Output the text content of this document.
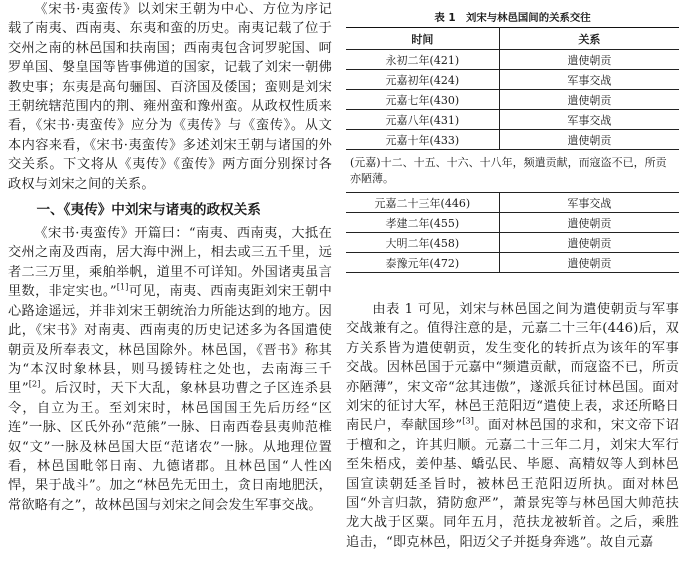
《宋书·夷蛮传》以刘宋王朝为中心、方位为序记载了南夷、西南夷、东夷和蛮的历史。南夷记载了位于交州之南的林邑国和扶南国；西南夷包含诃罗驼国、呵罗单国、媻皇国等皆事佛道的国家，记载了刘宋一朝佛教史事；东夷是高句骊国、百济国及倭国；蛮则是刘宋王朝统辖范围内的荆、雍州蛮和豫州蛮。从政权性质来看，《宋书·夷蛮传》应分为《夷传》与《蛮传》。从文本内容来看，《宋书·夷蛮传》多述刘宋王朝与诸国的外交关系。下文将从《夷传》《蛮传》两方面分别探讨各政权与刘宋之间的关系。

一、《夷传》中刘宋与诸夷的政权关系

《宋书·夷蛮传》开篇曰：“南夷、西南夷，大抵在交州之南及西南，居大海中洲上，相去或三五千里，远者二三万里，乘舶举帆，道里不可详知。外国诸夷虽言里数，非定实也。”[1]可见，南夷、西南夷距刘宋王朝中心路途遥远，并非刘宋王朝统治力所能达到的地方。因此，《宋书》对南夷、西南夷的历史记述多为各国遣使朝贡及所奉表文，林邑国除外。林邑国，《晋书》称其为“本汉时象林县，则马援铸柱之处也，去南海三千里”[2]。后汉时，天下大乱，象林县功曹之子区连杀县令，自立为王。至刘宋时，林邑国国王先后历经“区连”一脉、区氏外孙“范熊”一脉、日南西卷县夷帅范椎奴“文”一脉及林邑国大臣“范诸农”一脉。从地理位置看，林邑国毗邻日南、九德诸郡。且林邑国“人性凶悍，果于战斗”。加之“林邑先无田土，贪日南地肥沃，常欲略有之”，故林邑国与刘宋之间会发生军事交战。

表 1　刘宋与林邑国间的关系交往
时间	关系
永初二年(421)	遣使朝贡
元嘉初年(424)	军事交战
元嘉七年(430)	遣使朝贡
元嘉八年(431)	军事交战
元嘉十年(433)	遣使朝贡
(元嘉)十二、十五、十六、十八年，频遣贡献，而寇盗不已，所贡亦陋薄。	
元嘉二十三年(446)	军事交战
孝建二年(455)	遣使朝贡
大明二年(458)	遣使朝贡
泰豫元年(472)	遣使朝贡

由表 1 可见，刘宋与林邑国之间为遣使朝贡与军事交战兼有之。值得注意的是，元嘉二十三年(446)后，双方关系皆为遣使朝贡，发生变化的转折点为该年的军事交战。因林邑国于元嘉中“频遣贡献，而寇盗不已，所贡亦陋薄”，宋文帝“忿其违傲”，遂派兵征讨林邑国。面对刘宋的征讨大军，林邑王范阳迈“遣使上表，求还所略日南民户，奉献国珍”[3]。面对林邑国的求和，宋文帝下诏于檀和之，许其归顺。元嘉二十三年二月，刘宋大军行至朱梧戍，姜仲基、蟜弘民、毕愿、高精奴等人到林邑国宣读朝廷圣旨时，被林邑王范阳迈所执。面对林邑国“外言归款，猜防愈严”，萧景宪等与林邑国大帅范扶龙大战于区粟。同年五月，范扶龙被斩首。之后，乘胜追击，“即克林邑，阳迈父子并挺身奔逃”。故自元嘉
